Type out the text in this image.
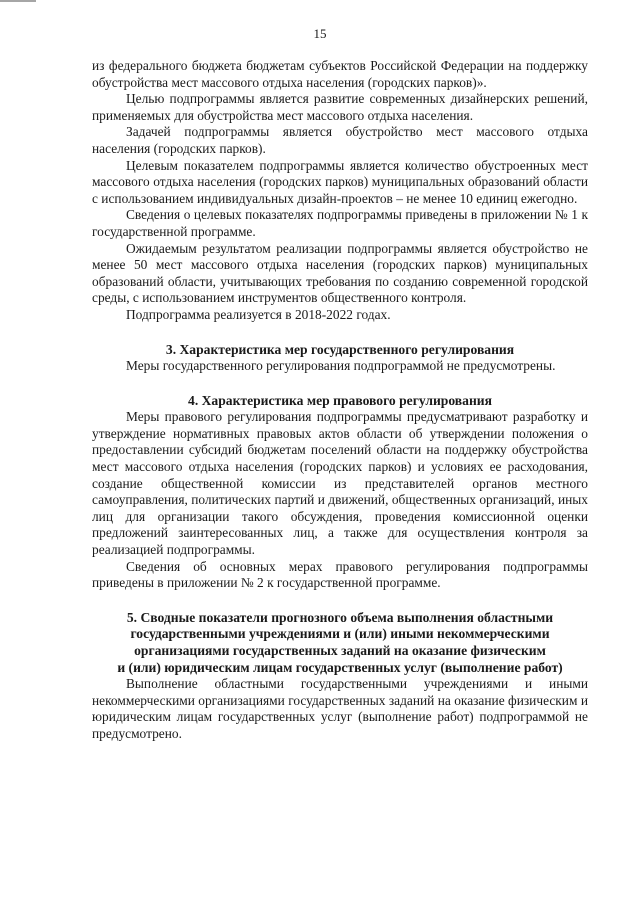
15

из федерального бюджета бюджетам субъектов Российской Федерации на поддержку обустройства мест массового отдыха населения (городских парков)».

Целью подпрограммы является развитие современных дизайнерских решений, применяемых для обустройства мест массового отдыха населения.

Задачей подпрограммы является обустройство мест массового отдыха населения (городских парков).

Целевым показателем подпрограммы является количество обустроенных мест массового отдыха населения (городских парков) муниципальных образований области с использованием индивидуальных дизайн-проектов – не менее 10 единиц ежегодно.

Сведения о целевых показателях подпрограммы приведены в приложении № 1 к государственной программе.

Ожидаемым результатом реализации подпрограммы является обустройство не менее 50 мест массового отдыха населения (городских парков) муниципальных образований области, учитывающих требования по созданию современной городской среды, с использованием инструментов общественного контроля.

Подпрограмма реализуется в 2018-2022 годах.

3. Характеристика мер государственного регулирования

Меры государственного регулирования подпрограммой не предусмотрены.

4. Характеристика мер правового регулирования

Меры правового регулирования подпрограммы предусматривают разработку и утверждение нормативных правовых актов области об утверждении положения о предоставлении субсидий бюджетам поселений области на поддержку обустройства мест массового отдыха населения (городских парков) и условиях ее расходования, создание общественной комиссии из представителей органов местного самоуправления, политических партий и движений, общественных организаций, иных лиц для организации такого обсуждения, проведения комиссионной оценки предложений заинтересованных лиц, а также для осуществления контроля за реализацией подпрограммы.

Сведения об основных мерах правового регулирования подпрограммы приведены в приложении № 2 к государственной программе.

5. Сводные показатели прогнозного объема выполнения областными
государственными учреждениями и (или) иными некоммерческими
организациями государственных заданий на оказание физическим
и (или) юридическим лицам государственных услуг (выполнение работ)

Выполнение областными государственными учреждениями и иными некоммерческими организациями государственных заданий на оказание физическим и юридическим лицам государственных услуг (выполнение работ) подпрограммой не предусмотрено.
